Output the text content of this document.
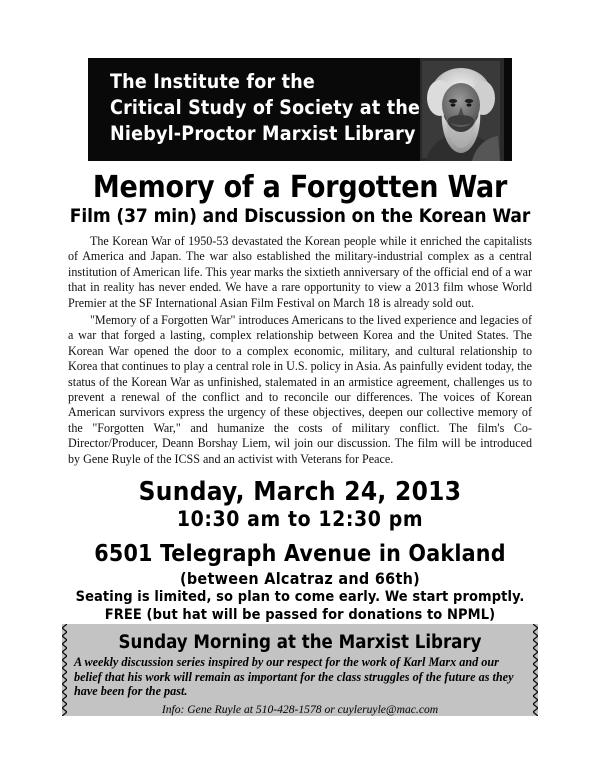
The Institute for the
Critical Study of Society at the
Niebyl-Proctor Marxist Library
Memory of a Forgotten War
Film (37 min) and Discussion on the Korean War

The Korean War of 1950-53 devastated the Korean people while it enriched the capitalists of America and Japan. The war also established the military-industrial complex as a central institution of American life. This year marks the sixtieth anniversary of the official end of a war that in reality has never ended. We have a rare opportunity to view a 2013 film whose World Premier at the SF International Asian Film Festival on March 18 is already sold out.

"Memory of a Forgotten War" introduces Americans to the lived experience and legacies of a war that forged a lasting, complex relationship between Korea and the United States. The Korean War opened the door to a complex economic, military, and cultural relationship to Korea that continues to play a central role in U.S. policy in Asia. As painfully evident today, the status of the Korean War as unfinished, stalemated in an armistice agreement, challenges us to prevent a renewal of the conflict and to reconcile our differences. The voices of Korean American survivors express the urgency of these objectives, deepen our collective memory of the "Forgotten War," and humanize the costs of military conflict. The film's Co-Director/Producer, Deann Borshay Liem, wil join our discussion. The film will be introduced by Gene Ruyle of the ICSS and an activist with Veterans for Peace.

Sunday, March 24, 2013
10:30 am to 12:30 pm
6501 Telegraph Avenue in Oakland
(between Alcatraz and 66th)
Seating is limited, so plan to come early. We start promptly.
FREE (but hat will be passed for donations to NPML)
Sunday Morning at the Marxist Library
A weekly discussion series inspired by our respect for the work of Karl Marx and our belief that his work will remain as important for the class struggles of the future as they have been for the past.
Info: Gene Ruyle at 510-428-1578 or cuyleruyle@mac.com
